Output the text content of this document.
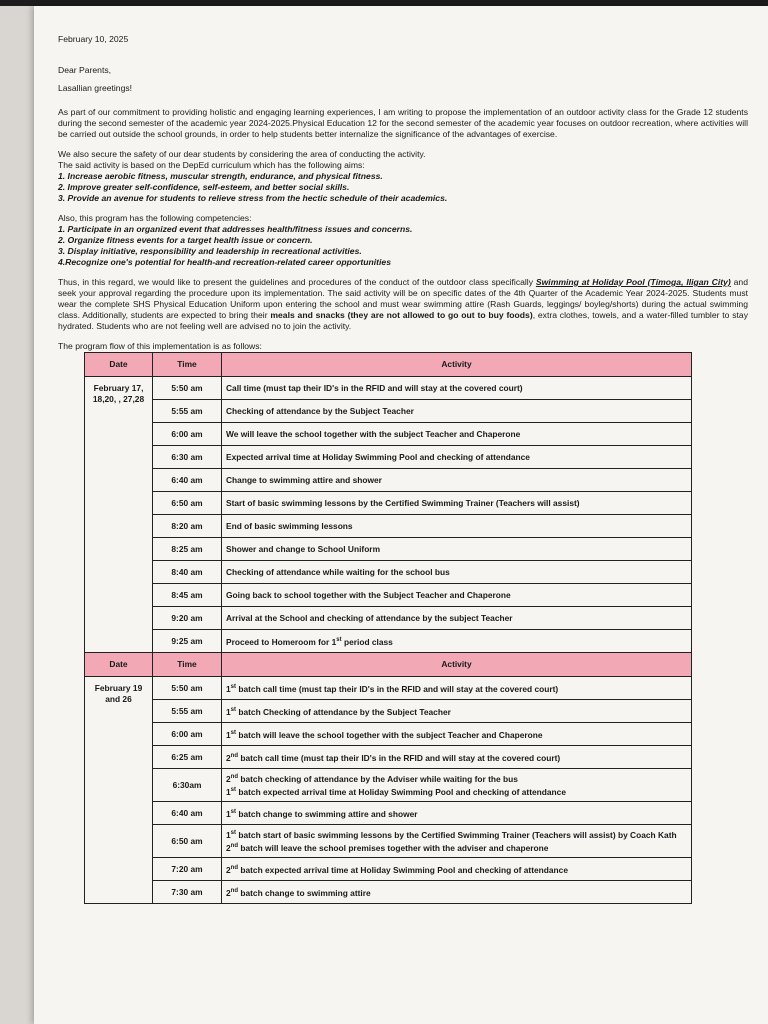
February 10, 2025

Dear Parents,

Lasallian greetings!

As part of our commitment to providing holistic and engaging learning experiences, I am writing to propose the implementation of an outdoor activity class for the Grade 12 students during the second semester of the academic year 2024-2025.Physical Education 12 for the second semester of the academic year focuses on outdoor recreation, where activities will be carried out outside the school grounds, in order to help students better internalize the significance of the advantages of exercise.

We also secure the safety of our dear students by considering the area of conducting the activity.
The said activity is based on the DepEd curriculum which has the following aims:
1. Increase aerobic fitness, muscular strength, endurance, and physical fitness.
2. Improve greater self-confidence, self-esteem, and better social skills.
3. Provide an avenue for students to relieve stress from the hectic schedule of their academics.
Also, this program has the following competencies:
1. Participate in an organized event that addresses health/fitness issues and concerns.
2. Organize fitness events for a target health issue or concern.
3. Display initiative, responsibility and leadership in recreational activities.
4.Recognize one's potential for health-and recreation-related career opportunities

Thus, in this regard, we would like to present the guidelines and procedures of the conduct of the outdoor class specifically Swimming at Holiday Pool (Tímoga, Iligan City) and seek your approval regarding the procedure upon its implementation. The said activity will be on specific dates of the 4th Quarter of the Academic Year 2024-2025. Students must wear the complete SHS Physical Education Uniform upon entering the school and must wear swimming attire (Rash Guards, leggings/ boyleg/shorts) during the actual swimming class. Additionally, students are expected to bring their meals and snacks (they are not allowed to go out to buy foods), extra clothes, towels, and a water-filled tumbler to stay hydrated. Students who are not feeling well are advised no to join the activity.

The program flow of this implementation is as follows:

Date	Time	Activity
February 17, 18,20, , 27,28	5:50 am	Call time (must tap their ID's in the RFID and will stay at the covered court)

	5:55 am	Checking of attendance by the Subject Teacher

	6:00 am	We will leave the school together with the subject Teacher and Chaperone

	6:30 am	Expected arrival time at Holiday Swimming Pool and checking of attendance

	6:40 am	Change to swimming attire and shower

	6:50 am	Start of basic swimming lessons by the Certified Swimming Trainer (Teachers will assist)

	8:20 am	End of basic swimming lessons

	8:25 am	Shower and change to School Uniform

	8:40 am	Checking of attendance while waiting for the school bus

	8:45 am	Going back to school together with the Subject Teacher and Chaperone

	9:20 am	Arrival at the School and checking of attendance by the subject Teacher

	9:25 am	Proceed to Homeroom for 1st period class

Date	Time	Activity
February 19 and 26	5:50 am	1st batch call time (must tap their ID's in the RFID and will stay at the covered court)

	5:55 am	1st batch Checking of attendance by the Subject Teacher

	6:00 am	1st batch will leave the school together with the subject Teacher and Chaperone

	6:25 am	2nd batch call time (must tap their ID's in the RFID and will stay at the covered court)

	6:30am	2nd batch checking of attendance by the Adviser while waiting for the bus
1st batch expected arrival time at Holiday Swimming Pool and checking of attendance

	6:40 am	1st batch change to swimming attire and shower

	6:50 am	1st batch start of basic swimming lessons by the Certified Swimming Trainer (Teachers will assist) by Coach Kath
2nd batch will leave the school premises together with the adviser and chaperone

	7:20 am	2nd batch expected arrival time at Holiday Swimming Pool and checking of attendance

	7:30 am	2nd batch change to swimming attire
